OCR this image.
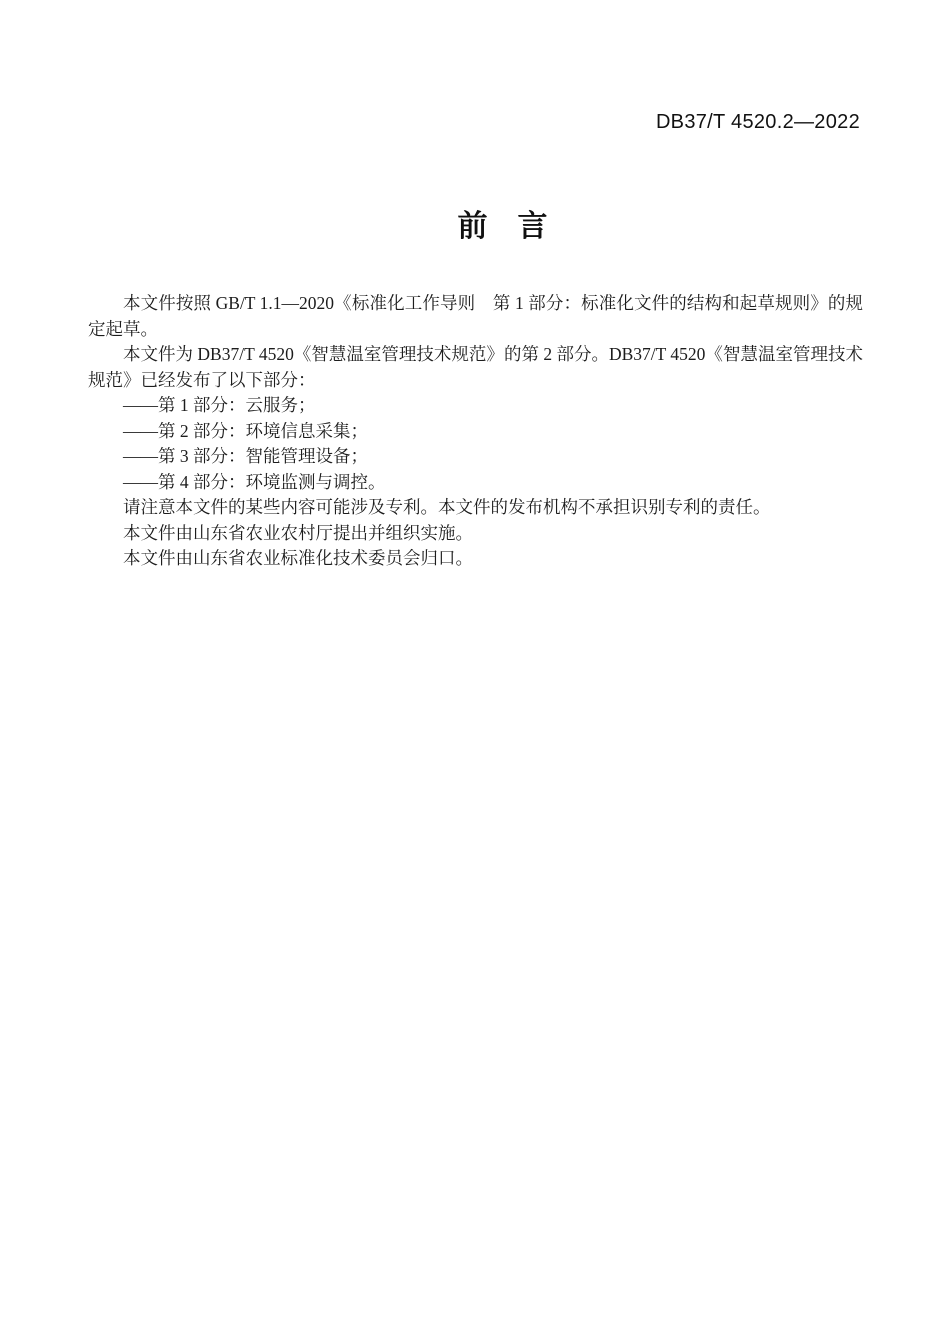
DB37/T 4520.2—2022
前　言

本文件按照 GB/T 1.1—2020《标准化工作导则　第 1 部分：标准化文件的结构和起草规则》的规定起草。

本文件为 DB37/T 4520《智慧温室管理技术规范》的第 2 部分。DB37/T 4520《智慧温室管理技术规范》已经发布了以下部分：

——第 1 部分：云服务；

——第 2 部分：环境信息采集；

——第 3 部分：智能管理设备；

——第 4 部分：环境监测与调控。

请注意本文件的某些内容可能涉及专利。本文件的发布机构不承担识别专利的责任。

本文件由山东省农业农村厅提出并组织实施。

本文件由山东省农业标准化技术委员会归口。
